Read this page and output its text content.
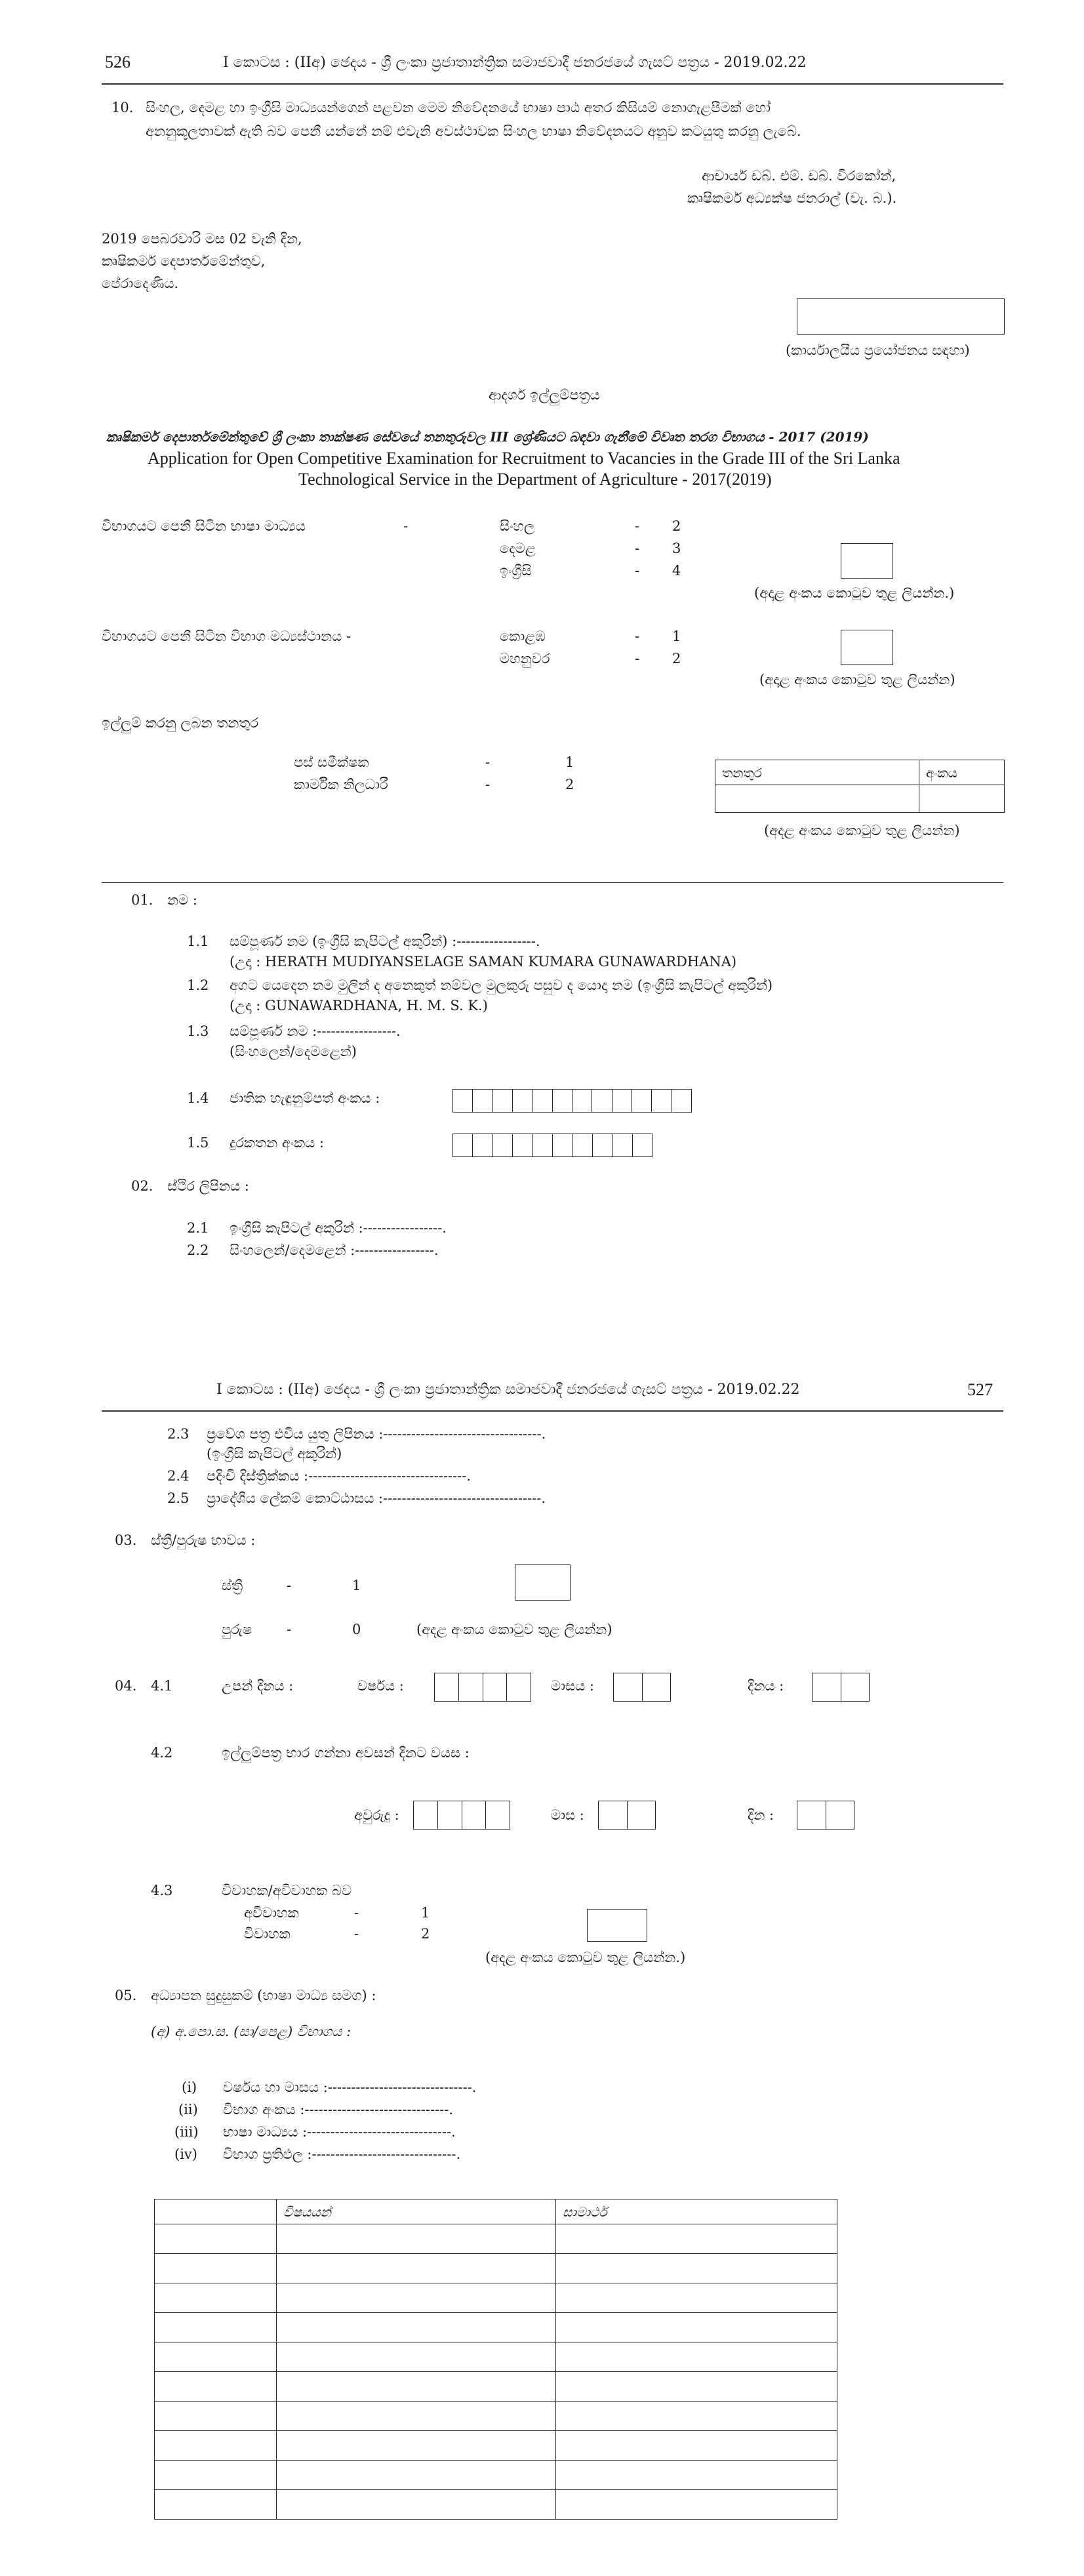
526	I කොටස : (IIඅ) ඡෙදය - ශ්‍රී ලංකා ප්‍රජාතාන්ත්‍රික සමාජවාදී ජනරජයේ ගැසට් පත්‍රය - 2019.02.22
10. සිංහල, දෙමළ හා ඉංග්‍රීසි මාධ්‍යයන්ගෙන් පළවන මෙම නිවේදනයේ භාෂා පාඨ අතර කිසියම් නොගැළපීමක් හෝ
අනනුකූලතාවක් ඇති බව පෙනී යන්නේ නම් එවැනි අවස්ථාවක සිංහල භාෂා නිවේදනයට අනුව කටයුතු කරනු ලැබේ.
ආචාර්ය ඩබ්. එම්. ඩබ්. වීරකෝන්,
කෘෂිකර්ම අධ්‍යක්ෂ ජනරාල් (වැ. බ.).
2019 පෙබරවාරි මස 02 වැනි දින,
කෘෂිකර්ම දෙපාර්තමේන්තුව,
පේරාදෙණිය.
(කාර්යාලයීය ප්‍රයෝජනය සඳහා)
ආදර්ශ ඉල්ලුම්පත්‍රය
කෘෂිකර්ම දෙපාර්තමේන්තුවේ ශ්‍රී ලංකා තාක්ෂණ සේවයේ තනතුරුවල III ශ්‍රේණියට බඳවා ගැනීමේ විවෘත තරග විභාගය - 2017 (2019)
Application for Open Competitive Examination for Recruitment to Vacancies in the Grade III of the Sri Lanka
Technological Service in the Department of Agriculture - 2017(2019)
විභාගයට පෙනී සිටින භාෂා මාධ්‍යය	-	සිංහල	- 2
දෙමළ	- 3
ඉංග්‍රීසි	- 4
(අදාළ අංකය කොටුව තුළ ලියන්න.)
විභාගයට පෙනී සිටින විභාග මධ්‍යස්ථානය -	කොළඹ	- 1
මහනුවර	- 2
(අදාළ අංකය කොටුව තුළ ලියන්න)
ඉල්ලුම් කරනු ලබන තනතුර
පස් සමීක්ෂක	-	1
කාර්මික නිලධාරී	-	2
තනතුර	අංකය

(අදළ අංකය කොටුව තුළ ලියන්න)
01. නම :
1.1 සම්පූර්ණ නම (ඉංග්‍රීසි කැපිටල් අකුරින්) :-----------------.
(උදා : HERATH MUDIYANSELAGE SAMAN KUMARA GUNAWARDHANA)
1.2 අගට යෙදෙන නම මුලින් ද අනෙකුත් නම්වල මුලකුරු පසුව ද යොදා නම (ඉංග්‍රීසි කැපිටල් අකුරින්)
(උදා : GUNAWARDHANA, H. M. S. K.)
1.3 සම්පූර්ණ නම :-----------------.
(සිංහලෙන්/දෙමළෙන්)
1.4 ජාතික හැඳුනුම්පත් අංකය :
1.5 දුරකතන අංකය :
02. ස්ථිර ලිපිනය :
2.1 ඉංග්‍රීසි කැපිටල් අකුරින් :-----------------.
2.2 සිංහලෙන්/දෙමළෙන් :-----------------.
I කොටස : (IIඅ) ඡෙදය - ශ්‍රී ලංකා ප්‍රජාතාන්ත්‍රික සමාජවාදී ජනරජයේ ගැසට් පත්‍රය - 2019.02.22	527
2.3 ප්‍රවේශ පත්‍ර එවිය යුතු ලිපිනය :----------------------------------.
(ඉංග්‍රීසි කැපිටල් අකුරින්)
2.4 පදිංචි දිස්ත්‍රික්කය :----------------------------------.
2.5 ප්‍රාදේශීය ලේකම් කොට්ඨාසය :----------------------------------.
03. ස්ත්‍රී/පුරුෂ භාවය :
ස්ත්‍රී	-	1
පුරුෂ	-	0	(අදළ අංකය කොටුව තුළ ලියන්න)
04. 4.1	උපන් දිනය :	වර්ෂය :	මාසය :	දිනය :
4.2	ඉල්ලුම්පත්‍ර භාර ගන්නා අවසන් දිනට වයස :
අවුරුදු :	මාස :	දින :
4.3	විවාහක/අවිවාහක බව
අවිවාහක	-	1
විවාහක	-	2
(අදළ අංකය කොටුව තුළ ලියන්න.)
05. අධ්‍යාපන සුදුසුකම් (භාෂා මාධ්‍ය සමග) :
(අ) අ.පො.ස. (සා/පෙළ) විභාගය :
(i) වර්ෂය හා මාසය :-------------------------------.
(ii) විභාග අංකය :-------------------------------.
(iii) භාෂා මාධ්‍යය :-------------------------------.
(iv) විභාග ප්‍රතිඵල :-------------------------------.
	විෂයයන්	සාමාර්ථ
